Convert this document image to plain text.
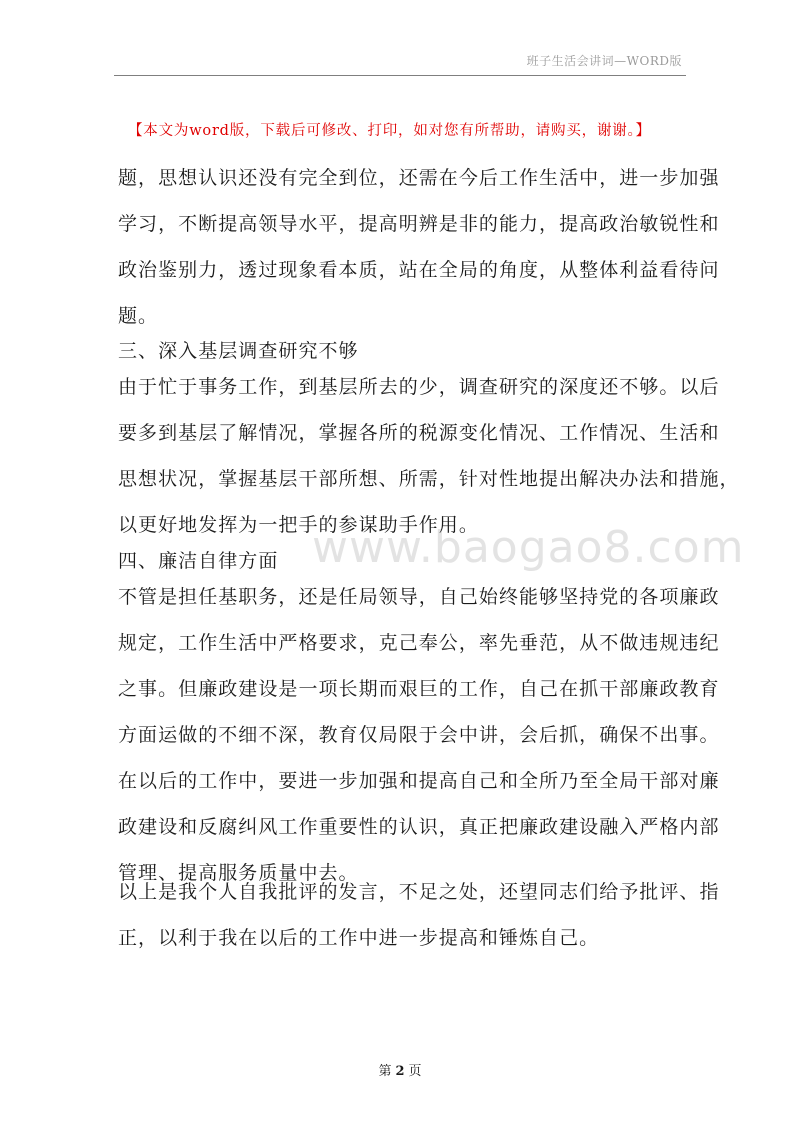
班子生活会讲词—WORD版
【本文为word版，下载后可修改、打印，如对您有所帮助，请购买，谢谢。】
www.baogao8.com
题，思想认识还没有完全到位，还需在今后工作生活中，进一步加强
学习，不断提高领导水平，提高明辨是非的能力，提高政治敏锐性和
政治鉴别力，透过现象看本质，站在全局的角度，从整体利益看待问
题。
三、深入基层调查研究不够
由于忙于事务工作，到基层所去的少，调查研究的深度还不够。以后
要多到基层了解情况，掌握各所的税源变化情况、工作情况、生活和
思想状况，掌握基层干部所想、所需，针对性地提出解决办法和措施，
以更好地发挥为一把手的参谋助手作用。
四、廉洁自律方面
不管是担任基职务，还是任局领导，自己始终能够坚持党的各项廉政
规定，工作生活中严格要求，克己奉公，率先垂范，从不做违规违纪
之事。但廉政建设是一项长期而艰巨的工作，自己在抓干部廉政教育
方面运做的不细不深，教育仅局限于会中讲，会后抓，确保不出事。
在以后的工作中，要进一步加强和提高自己和全所乃至全局干部对廉
政建设和反腐纠风工作重要性的认识，真正把廉政建设融入严格内部
管理、提高服务质量中去。
以上是我个人自我批评的发言，不足之处，还望同志们给予批评、指
正，以利于我在以后的工作中进一步提高和锤炼自己。
第 2 页
